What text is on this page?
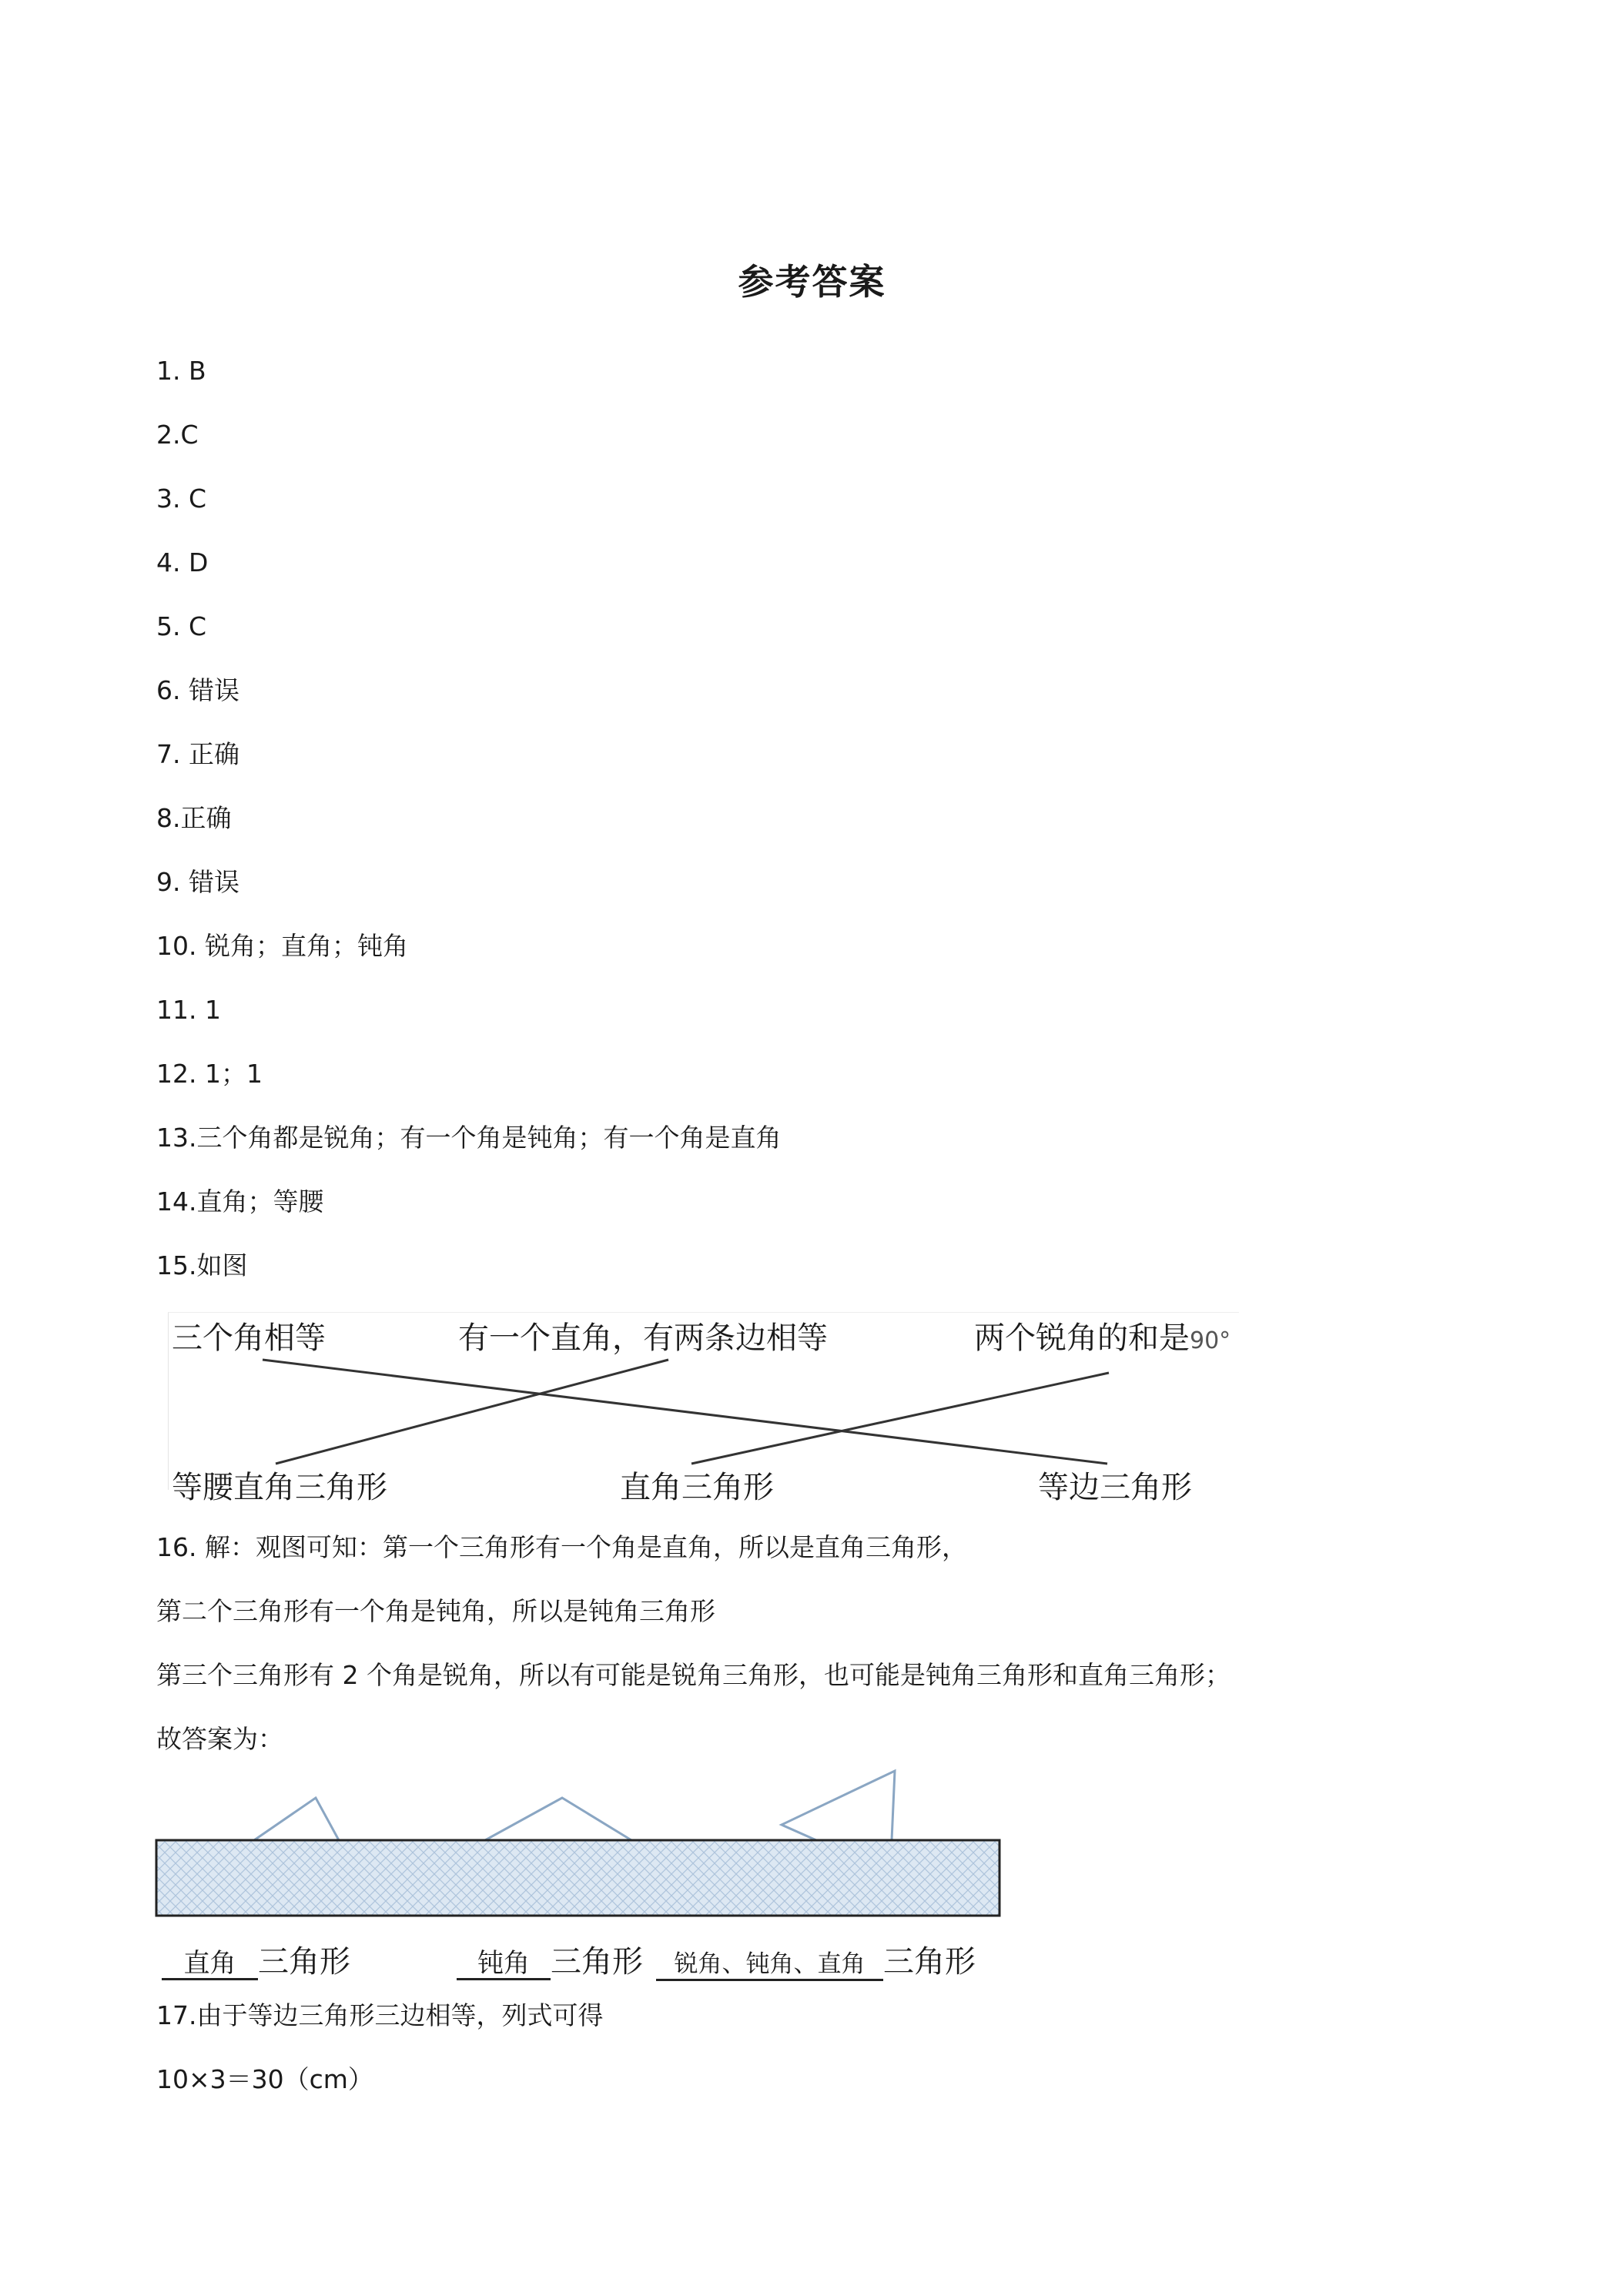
参考答案
1. B
2.C
3. C
4. D
5. C
6. 错误
7. 正确
8.正确
9. 错误
10. 锐角；直角；钝角
11. 1
12. 1；1
13.三个角都是锐角；有一个角是钝角；有一个角是直角
14.直角；等腰
15.如图
三个角相等	有一个直角，有两条边相等	两个锐角的和是90°
等腰直角三角形	直角三角形	等边三角形
16. 解：观图可知：第一个三角形有一个角是直角，所以是直角三角形，
第二个三角形有一个角是钝角，所以是钝角三角形
第三个三角形有 2 个角是锐角，所以有可能是锐角三角形，也可能是钝角三角形和直角三角形；
故答案为：
直角 三角形	钝角 三角形	锐角、钝角、直角 三角形
17.由于等边三角形三边相等，列式可得
10×3＝30（cm）
